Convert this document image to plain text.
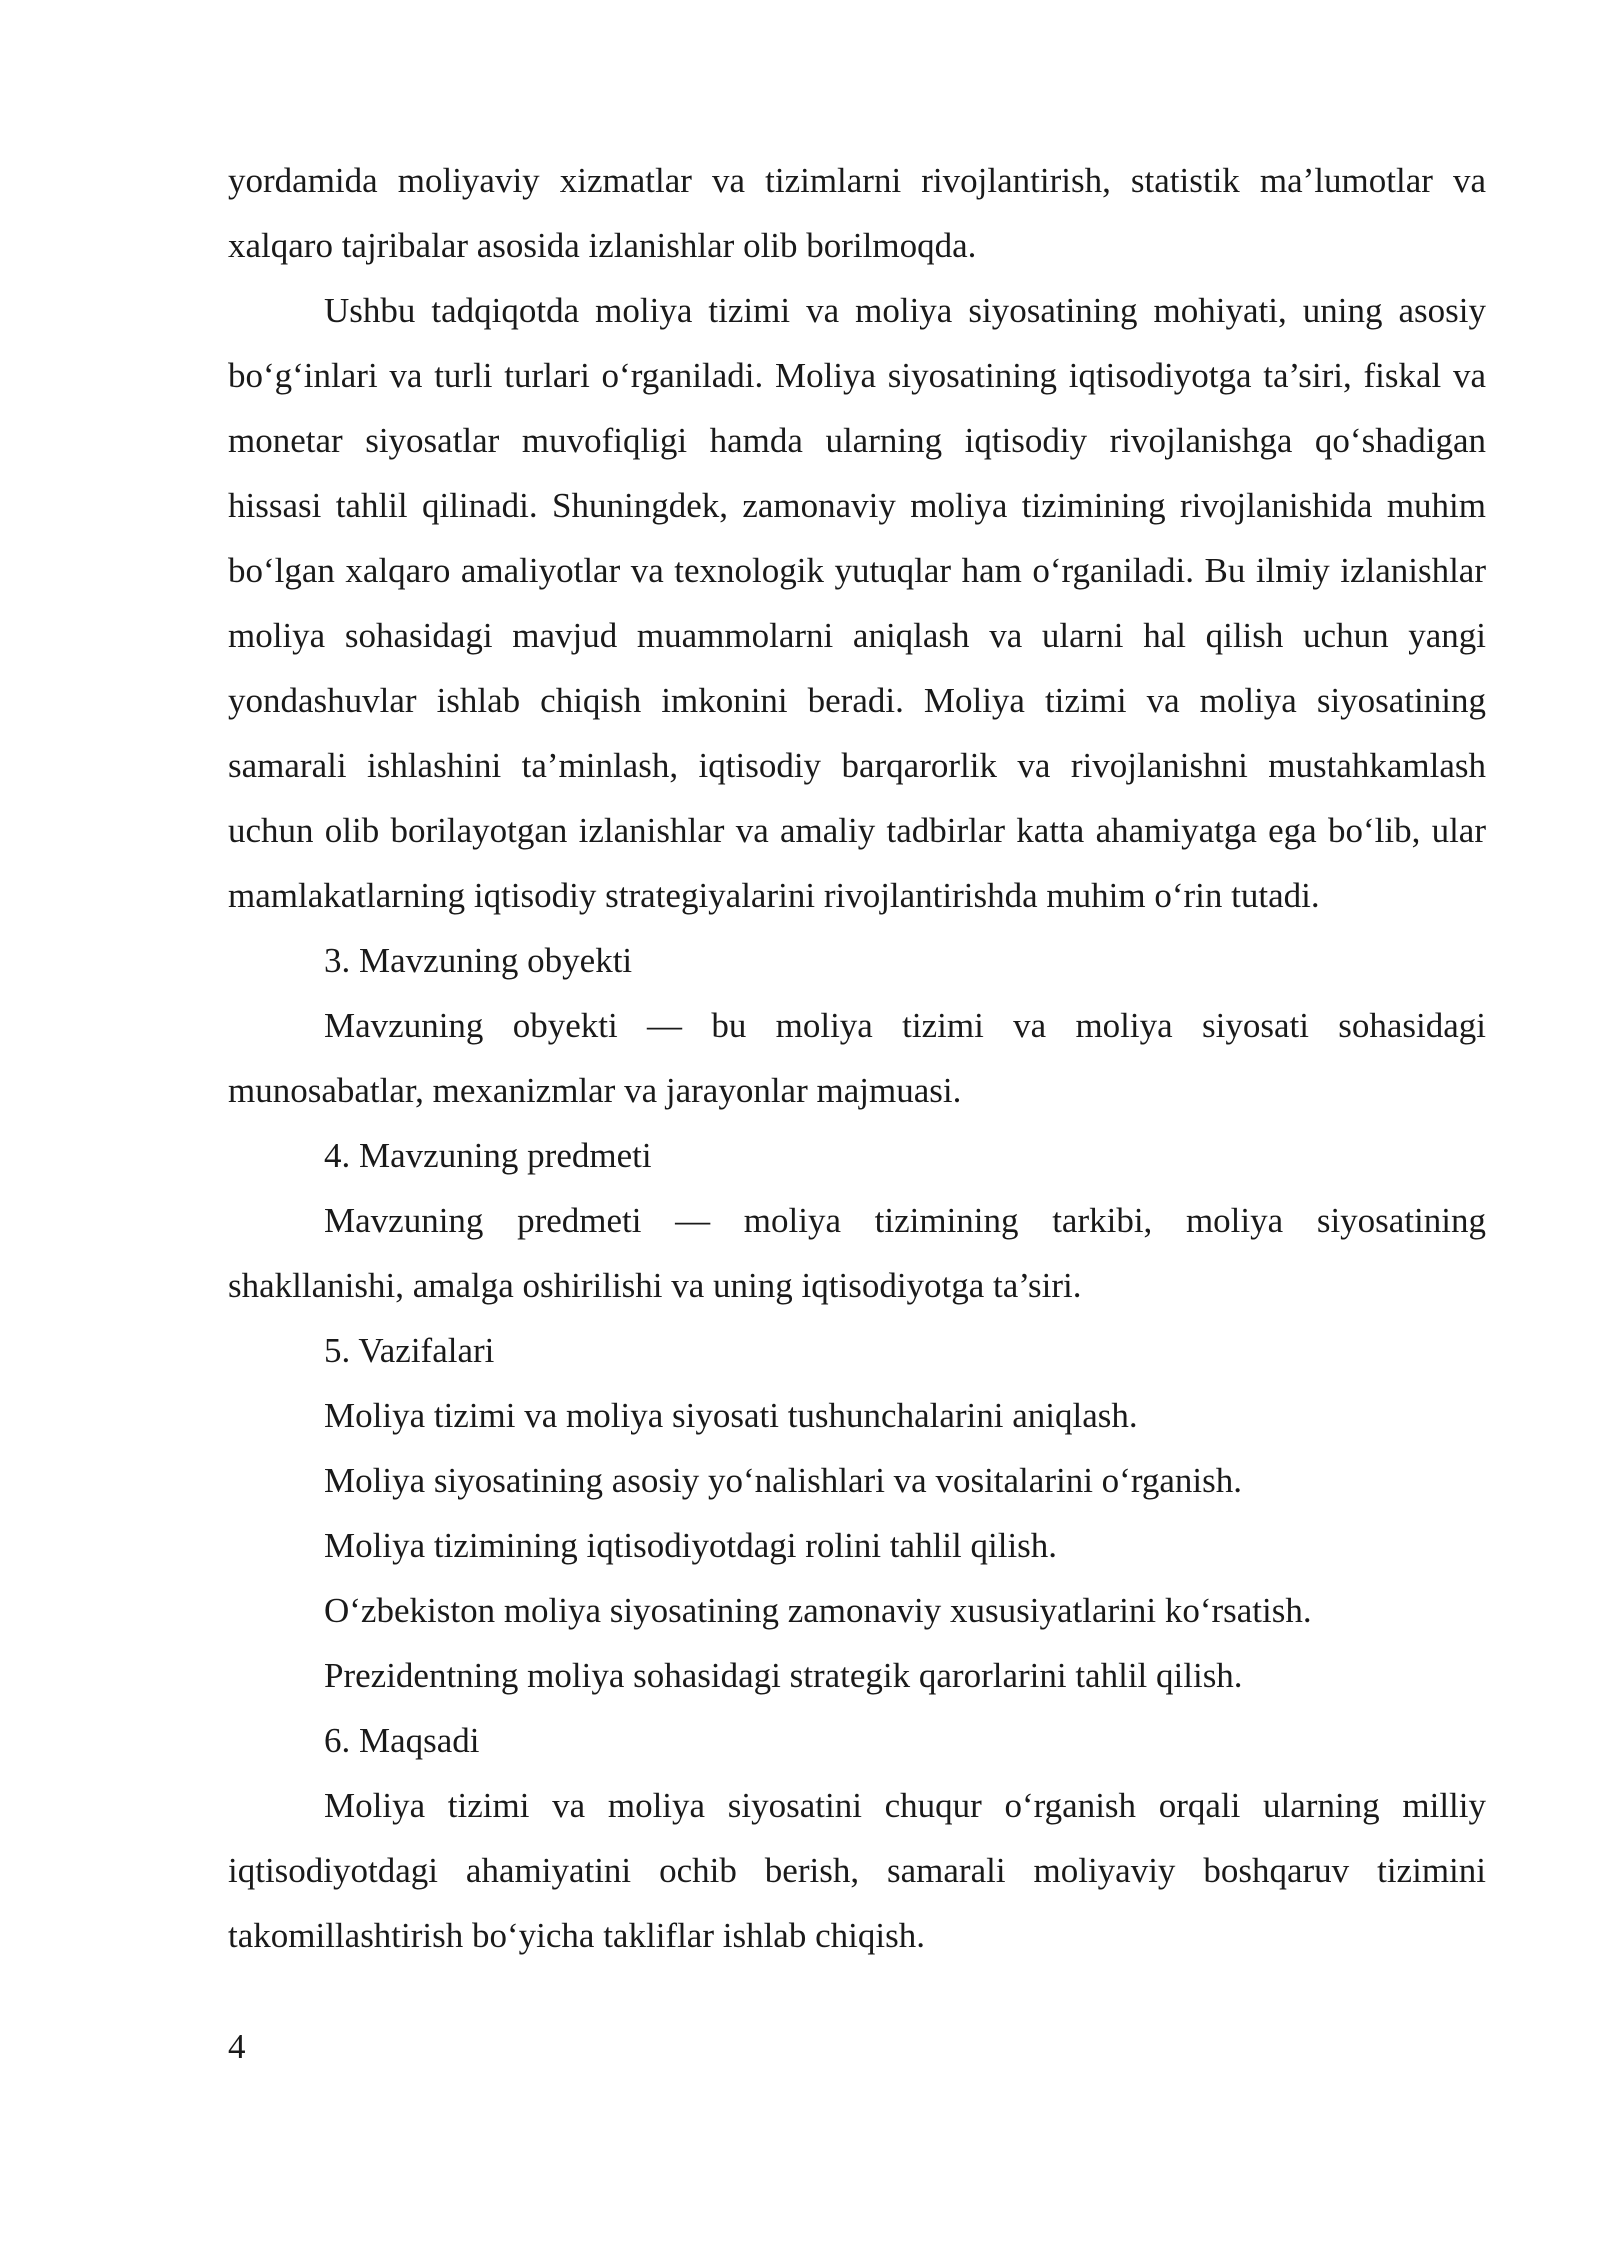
yordamida moliyaviy xizmatlar va tizimlarni rivojlantirish, statistik ma’lumotlar va xalqaro tajribalar asosida izlanishlar olib borilmoqda.

Ushbu tadqiqotda moliya tizimi va moliya siyosatining mohiyati, uning asosiy bo‘g‘inlari va turli turlari o‘rganiladi. Moliya siyosatining iqtisodiyotga ta’siri, fiskal va monetar siyosatlar muvofiqligi hamda ularning iqtisodiy rivojlanishga qo‘shadigan hissasi tahlil qilinadi. Shuningdek, zamonaviy moliya tizimining rivojlanishida muhim bo‘lgan xalqaro amaliyotlar va texnologik yutuqlar ham o‘rganiladi. Bu ilmiy izlanishlar moliya sohasidagi mavjud muammolarni aniqlash va ularni hal qilish uchun yangi yondashuvlar ishlab chiqish imkonini beradi. Moliya tizimi va moliya siyosatining samarali ishlashini ta’minlash, iqtisodiy barqarorlik va rivojlanishni mustahkamlash uchun olib borilayotgan izlanishlar va amaliy tadbirlar katta ahamiyatga ega bo‘lib, ular mamlakatlarning iqtisodiy strategiyalarini rivojlantirishda muhim o‘rin tutadi.

3. Mavzuning obyekti

Mavzuning obyekti — bu moliya tizimi va moliya siyosati sohasidagi munosabatlar, mexanizmlar va jarayonlar majmuasi.

4. Mavzuning predmeti

Mavzuning predmeti — moliya tizimining tarkibi, moliya siyosatining shakllanishi, amalga oshirilishi va uning iqtisodiyotga ta’siri.

5. Vazifalari

Moliya tizimi va moliya siyosati tushunchalarini aniqlash.

Moliya siyosatining asosiy yo‘nalishlari va vositalarini o‘rganish.

Moliya tizimining iqtisodiyotdagi rolini tahlil qilish.

O‘zbekiston moliya siyosatining zamonaviy xususiyatlarini ko‘rsatish.

Prezidentning moliya sohasidagi strategik qarorlarini tahlil qilish.

6. Maqsadi

Moliya tizimi va moliya siyosatini chuqur o‘rganish orqali ularning milliy iqtisodiyotdagi ahamiyatini ochib berish, samarali moliyaviy boshqaruv tizimini takomillashtirish bo‘yicha takliflar ishlab chiqish.

4
